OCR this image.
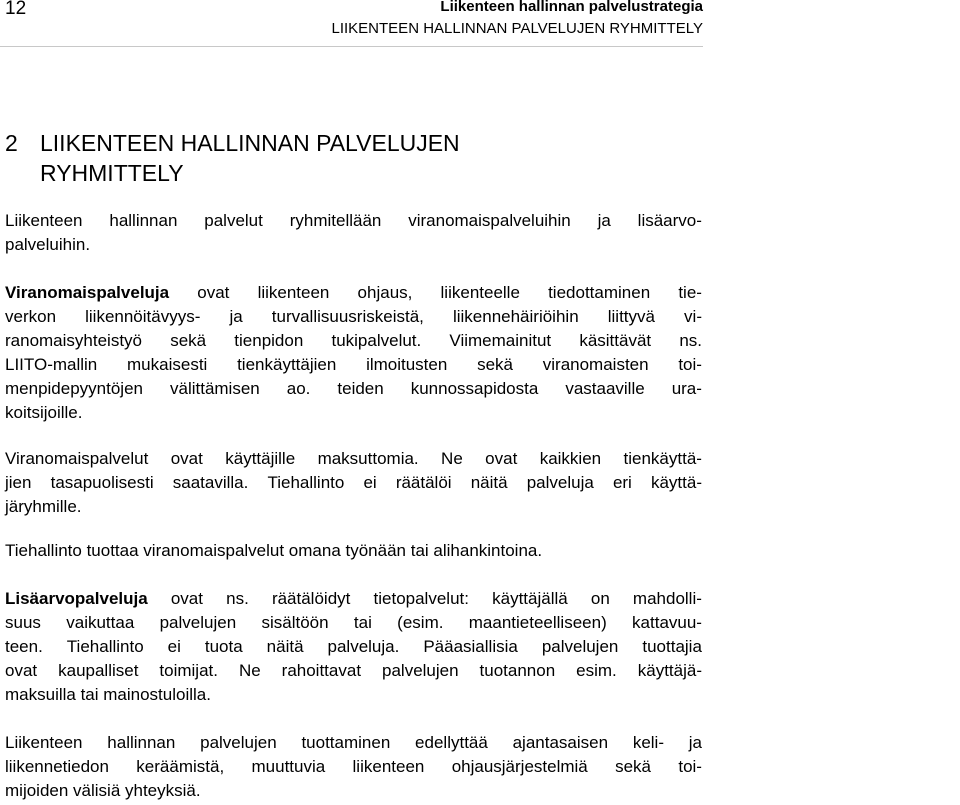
12	Liikenteen hallinnan palvelustrategia
LIIKENTEEN HALLINNAN PALVELUJEN RYHMITTELY
2 LIIKENTEEN HALLINNAN PALVELUJEN
RYHMITTELY
Liikenteen hallinnan palvelut ryhmitellään viranomaispalveluihin ja lisäarvo-
palveluihin.
Viranomaispalveluja ovat liikenteen ohjaus, liikenteelle tiedottaminen tie-
verkon liikennöitävyys- ja turvallisuusriskeistä, liikennehäiriöihin liittyvä vi-
ranomaisyhteistyö sekä tienpidon tukipalvelut. Viimemainitut käsittävät ns.
LIITO-mallin mukaisesti tienkäyttäjien ilmoitusten sekä viranomaisten toi-
menpidepyyntöjen välittämisen ao. teiden kunnossapidosta vastaaville ura-
koitsijoille.
Viranomaispalvelut ovat käyttäjille maksuttomia. Ne ovat kaikkien tienkäyttä-
jien tasapuolisesti saatavilla. Tiehallinto ei räätälöi näitä palveluja eri käyttä-
järyhmille.
Tiehallinto tuottaa viranomaispalvelut omana työnään tai alihankintoina.
Lisäarvopalveluja ovat ns. räätälöidyt tietopalvelut: käyttäjällä on mahdolli-
suus vaikuttaa palvelujen sisältöön tai (esim. maantieteelliseen) kattavuu-
teen. Tiehallinto ei tuota näitä palveluja. Pääasiallisia palvelujen tuottajia
ovat kaupalliset toimijat. Ne rahoittavat palvelujen tuotannon esim. käyttäjä-
maksuilla tai mainostuloilla.
Liikenteen hallinnan palvelujen tuottaminen edellyttää ajantasaisen keli- ja
liikennetiedon keräämistä, muuttuvia liikenteen ohjausjärjestelmiä sekä toi-
mijoiden välisiä yhteyksiä.
